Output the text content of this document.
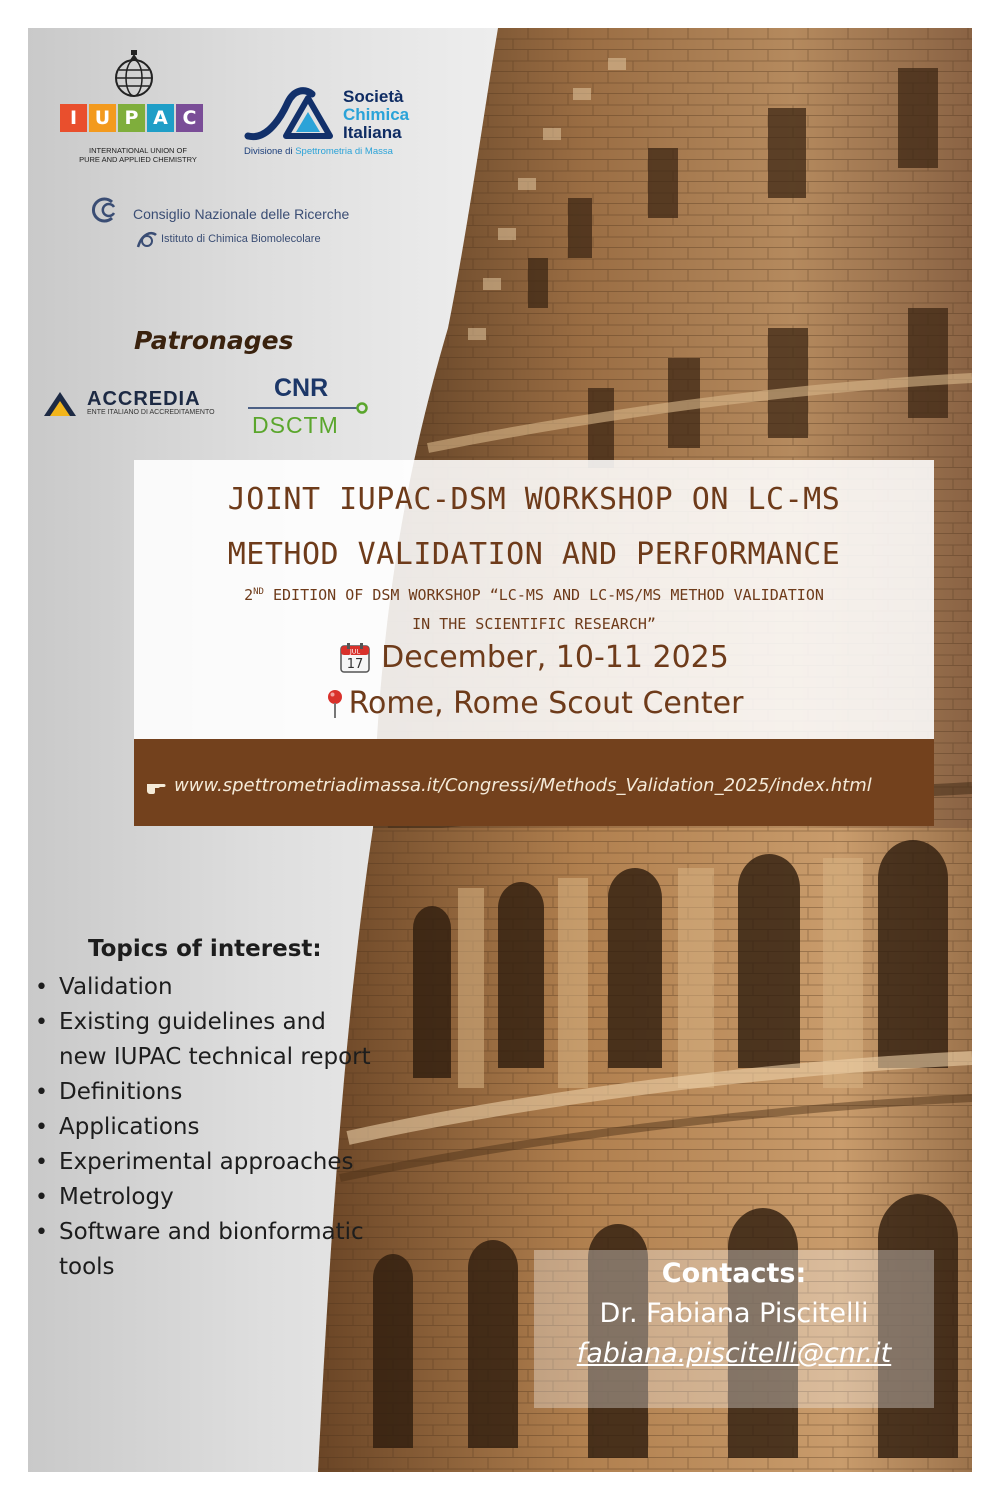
I U P A C
INTERNATIONAL UNION OF
PURE AND APPLIED CHEMISTRY
Società
Chimica
Italiana
Divisione di Spettrometria di Massa
Consiglio Nazionale delle Ricerche
Istituto di Chimica Biomolecolare
Patronages
ACCREDIA
ENTE ITALIANO DI ACCREDITAMENTO
CNR
DSCTM
JOINT IUPAC-DSM WORKSHOP ON LC-MS
METHOD VALIDATION AND PERFORMANCE
2ND EDITION OF DSM WORKSHOP “LC-MS AND LC-MS/MS METHOD VALIDATION
IN THE SCIENTIFIC RESEARCH”
JUL
17 December, 10-11 2025
Rome, Rome Scout Center
www.spettrometriadimassa.it/Congressi/Methods_Validation_2025/index.html
Topics of interest:
• Validation
• Existing guidelines and new IUPAC technical report
• Definitions
• Applications
• Experimental approaches
• Metrology
• Software and bionformatic tools	Contacts:
Dr. Fabiana Piscitelli
fabiana.piscitelli@cnr.it
